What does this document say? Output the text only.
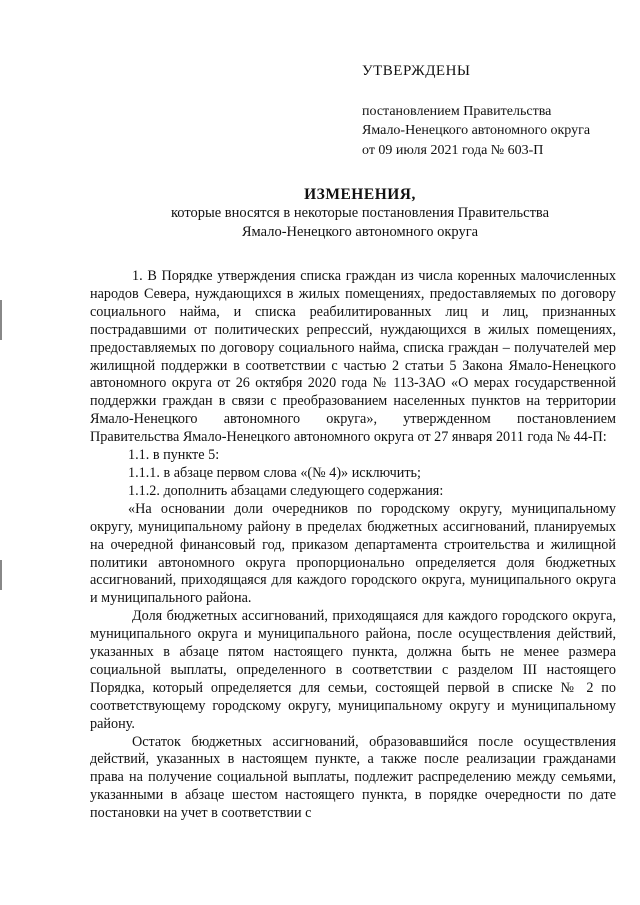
УТВЕРЖДЕНЫ
постановлением Правительства
Ямало-Ненецкого автономного округа
от 09 июля 2021 года № 603-П
ИЗМЕНЕНИЯ,
которые вносятся в некоторые постановления Правительства
Ямало-Ненецкого автономного округа

1. В Порядке утверждения списка граждан из числа коренных малочисленных народов Севера, нуждающихся в жилых помещениях, предоставляемых по договору социального найма, и списка реабилитированных лиц и лиц, признанных пострадавшими от политических репрессий, нуждающихся в жилых помещениях, предоставляемых по договору социального найма, списка граждан – получателей мер жилищной поддержки в соответствии с частью 2 статьи 5 Закона Ямало-Ненецкого автономного округа от 26 октября 2020 года № 113-ЗАО «О мерах государственной поддержки граждан в связи с преобразованием населенных пунктов на территории Ямало-Ненецкого автономного округа», утвержденном постановлением Правительства Ямало-Ненецкого автономного округа от 27 января 2011 года № 44-П:

1.1. в пункте 5:

1.1.1. в абзаце первом слова «(№ 4)» исключить;

1.1.2. дополнить абзацами следующего содержания:

«На основании доли очередников по городскому округу, муниципальному округу, муниципальному району в пределах бюджетных ассигнований, планируемых на очередной финансовый год, приказом департамента строительства и жилищной политики автономного округа пропорционально определяется доля бюджетных ассигнований, приходящаяся для каждого городского округа, муниципального округа и муниципального района.

Доля бюджетных ассигнований, приходящаяся для каждого городского округа, муниципального округа и муниципального района, после осуществления действий, указанных в абзаце пятом настоящего пункта, должна быть не менее размера социальной выплаты, определенного в соответствии с разделом III настоящего Порядка, который определяется для семьи, состоящей первой в списке № 2 по соответствующему городскому округу, муниципальному округу и муниципальному району.

Остаток бюджетных ассигнований, образовавшийся после осуществления действий, указанных в настоящем пункте, а также после реализации гражданами права на получение социальной выплаты, подлежит распределению между семьями, указанными в абзаце шестом настоящего пункта, в порядке очередности по дате постановки на учет в соответствии с
